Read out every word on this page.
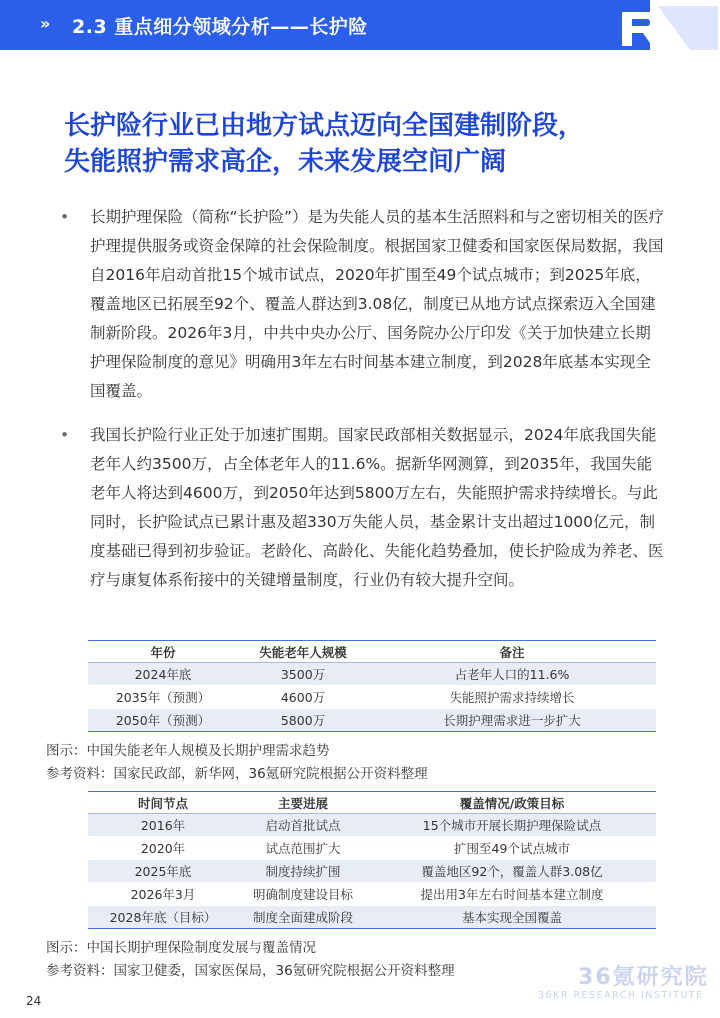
» 2.3 重点细分领域分析——长护险
长护险行业已由地方试点迈向全国建制阶段，
失能照护需求高企，未来发展空间广阔
• 长期护理保险（简称“长护险”）是为失能人员的基本生活照料和与之密切相关的医疗护理提供服务或资金保障的社会保险制度。根据国家卫健委和国家医保局数据，我国自2016年启动首批15个城市试点，2020年扩围至49个试点城市；到2025年底，覆盖地区已拓展至92个、覆盖人群达到3.08亿，制度已从地方试点探索迈入全国建制新阶段。2026年3月，中共中央办公厅、国务院办公厅印发《关于加快建立长期护理保险制度的意见》明确用3年左右时间基本建立制度，到2028年底基本实现全国覆盖。
• 我国长护险行业正处于加速扩围期。国家民政部相关数据显示，2024年底我国失能老年人约3500万，占全体老年人的11.6%。据新华网测算，到2035年，我国失能老年人将达到4600万，到2050年达到5800万左右，失能照护需求持续增长。与此同时，长护险试点已累计惠及超330万失能人员，基金累计支出超过1000亿元，制度基础已得到初步验证。老龄化、高龄化、失能化趋势叠加，使长护险成为养老、医疗与康复体系衔接中的关键增量制度，行业仍有较大提升空间。
年份	失能老年人规模	备注
2024年底	3500万	占老年人口的11.6%
2035年（预测）	4600万	失能照护需求持续增长
2050年（预测）	5800万	长期护理需求进一步扩大
图示：中国失能老年人规模及长期护理需求趋势
参考资料：国家民政部，新华网，36氪研究院根据公开资料整理
时间节点	主要进展	覆盖情况/政策目标
2016年	启动首批试点	15个城市开展长期护理保险试点
2020年	试点范围扩大	扩围至49个试点城市
2025年底	制度持续扩围	覆盖地区92个，覆盖人群3.08亿
2026年3月	明确制度建设目标	提出用3年左右时间基本建立制度
2028年底（目标）	制度全面建成阶段	基本实现全国覆盖
图示：中国长期护理保险制度发展与覆盖情况
参考资料：国家卫健委，国家医保局，36氪研究院根据公开资料整理
24
36氪研究院
36KR RESEARCH INSTITUTE
